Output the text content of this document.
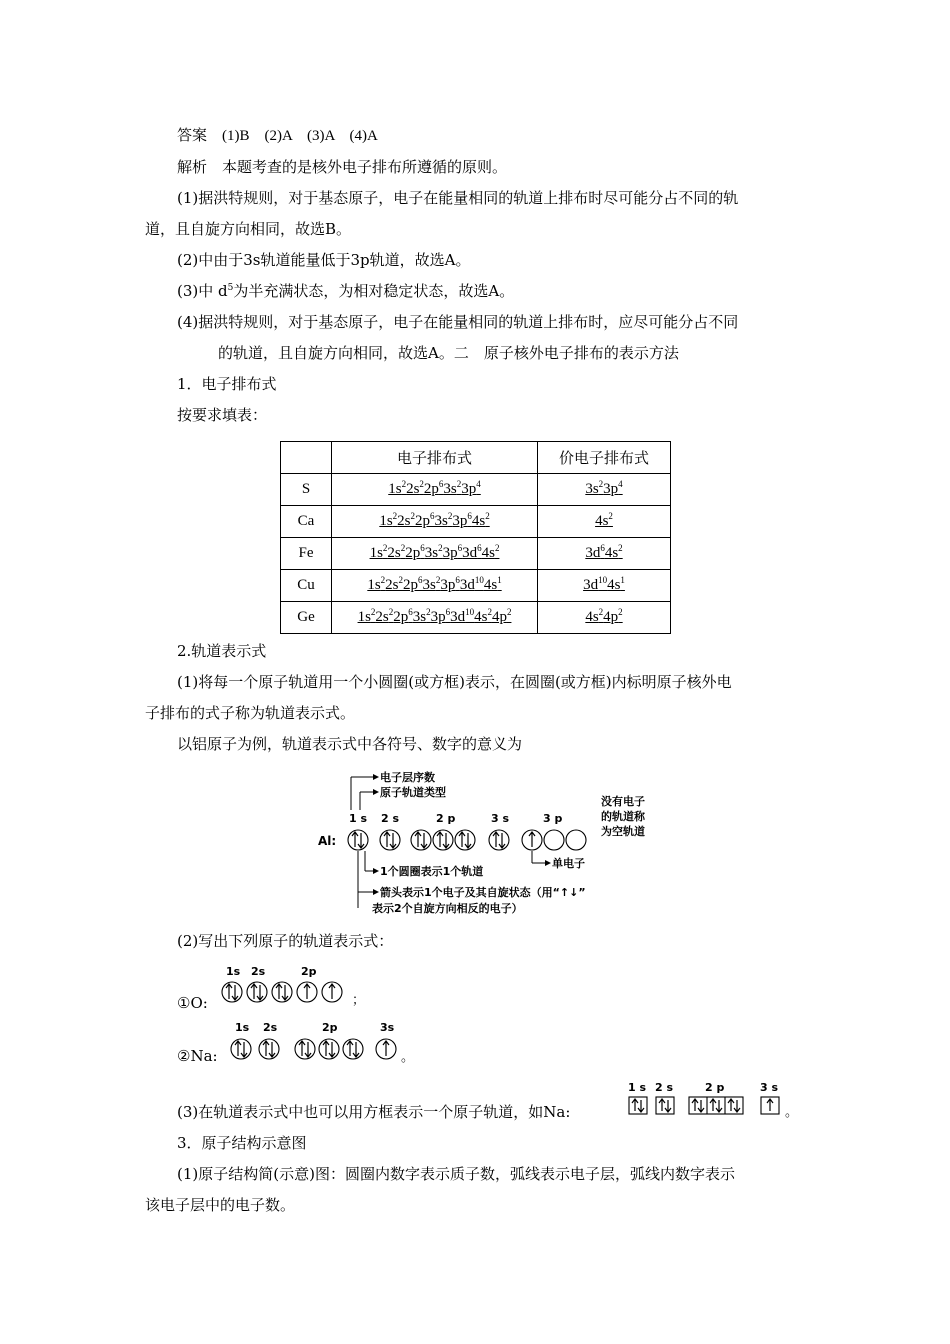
答案　(1)B　(2)A　(3)A　(4)A
解析　本题考查的是核外电子排布所遵循的原则。
(1)据洪特规则，对于基态原子，电子在能量相同的轨道上排布时尽可能分占不同的轨
道，且自旋方向相同，故选B。
(2)中由于3s轨道能量低于3p轨道，故选A。
(3)中 $d^5$为半充满状态，为相对稳定状态，故选A。
(4)据洪特规则，对于基态原子，电子在能量相同的轨道上排布时，应尽可能分占不同
的轨道，且自旋方向相同，故选A。二　原子核外电子排布的表示方法
1．电子排布式
按要求填表：
	电子排布式	价电子排布式
S	$1s^22s^22p^63s^23p^4$	$3s^23p^4$
Ca	$1s^22s^22p^63s^23p^64s^2$	$4s^2$
Fe	$1s^22s^22p^63s^23p^63d^64s^2$	$3d^64s^2$
Cu	$1s^22s^22p^63s^23p^63d^{10}4s^1$	$3d^{10}4s^1$
Ge	$1s^22s^22p^63s^23p^63d^{10}4s^24p^2$	$4s^24p^2$
2.轨道表示式
(1)将每一个原子轨道用一个小圆圈(或方框)表示，在圆圈(或方框)内标明原子核外电
子排布的式子称为轨道表示式。
以铝原子为例，轨道表示式中各符号、数字的意义为
电子层序数
原子轨道类型
Al:
1 s 2 s	2 p	3 s	3 p
没有电子
的轨道称
为空轨道
1个圆圈表示1个轨道
单电子
箭头表示1个电子及其自旋状态（用“↑↓”
表示2个自旋方向相反的电子）
(2)写出下列原子的轨道表示式：
①O:
1s 2s	2p
；
②Na:
1s 2s	2p	3s
。
(3)在轨道表示式中也可以用方框表示一个原子轨道，如Na:
1 s 2 s	2 p	3 s
。
3．原子结构示意图
(1)原子结构简(示意)图：圆圈内数字表示质子数，弧线表示电子层，弧线内数字表示
该电子层中的电子数。
